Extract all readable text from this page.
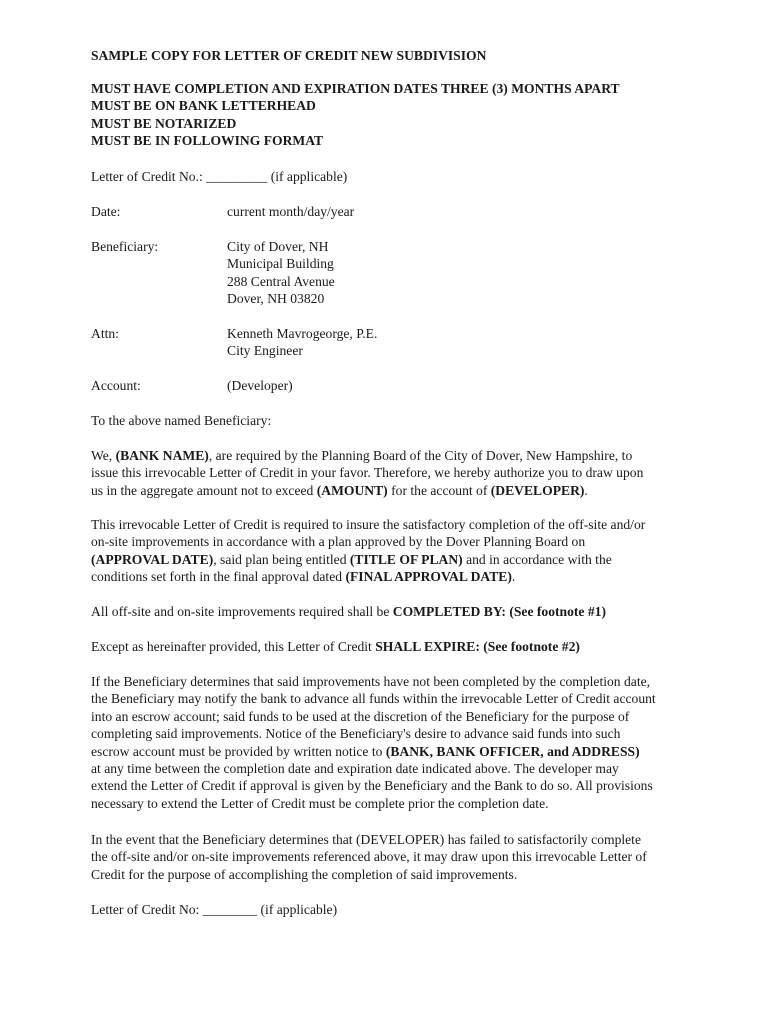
SAMPLE COPY FOR LETTER OF CREDIT NEW SUBDIVISION
MUST HAVE COMPLETION AND EXPIRATION DATES THREE (3) MONTHS APART
MUST BE ON BANK LETTERHEAD
MUST BE NOTARIZED
MUST BE IN FOLLOWING FORMAT
Letter of Credit No.: _________ (if applicable)
Date:	current month/day/year
Beneficiary:	City of Dover, NH
Municipal Building
288 Central Avenue
Dover, NH 03820
Attn:	Kenneth Mavrogeorge, P.E.
City Engineer
Account:	(Developer)
To the above named Beneficiary:
We, (BANK NAME), are required by the Planning Board of the City of Dover, New Hampshire, to
issue this irrevocable Letter of Credit in your favor. Therefore, we hereby authorize you to draw upon
us in the aggregate amount not to exceed (AMOUNT) for the account of (DEVELOPER).
This irrevocable Letter of Credit is required to insure the satisfactory completion of the off-site and/or
on-site improvements in accordance with a plan approved by the Dover Planning Board on
(APPROVAL DATE), said plan being entitled (TITLE OF PLAN) and in accordance with the
conditions set forth in the final approval dated (FINAL APPROVAL DATE).
All off-site and on-site improvements required shall be COMPLETED BY: (See footnote #1)
Except as hereinafter provided, this Letter of Credit SHALL EXPIRE: (See footnote #2)
If the Beneficiary determines that said improvements have not been completed by the completion date,
the Beneficiary may notify the bank to advance all funds within the irrevocable Letter of Credit account
into an escrow account; said funds to be used at the discretion of the Beneficiary for the purpose of
completing said improvements. Notice of the Beneficiary's desire to advance said funds into such
escrow account must be provided by written notice to (BANK, BANK OFFICER, and ADDRESS)
at any time between the completion date and expiration date indicated above. The developer may
extend the Letter of Credit if approval is given by the Beneficiary and the Bank to do so. All provisions
necessary to extend the Letter of Credit must be complete prior the completion date.
In the event that the Beneficiary determines that (DEVELOPER) has failed to satisfactorily complete
the off-site and/or on-site improvements referenced above, it may draw upon this irrevocable Letter of
Credit for the purpose of accomplishing the completion of said improvements.
Letter of Credit No: ________ (if applicable)
